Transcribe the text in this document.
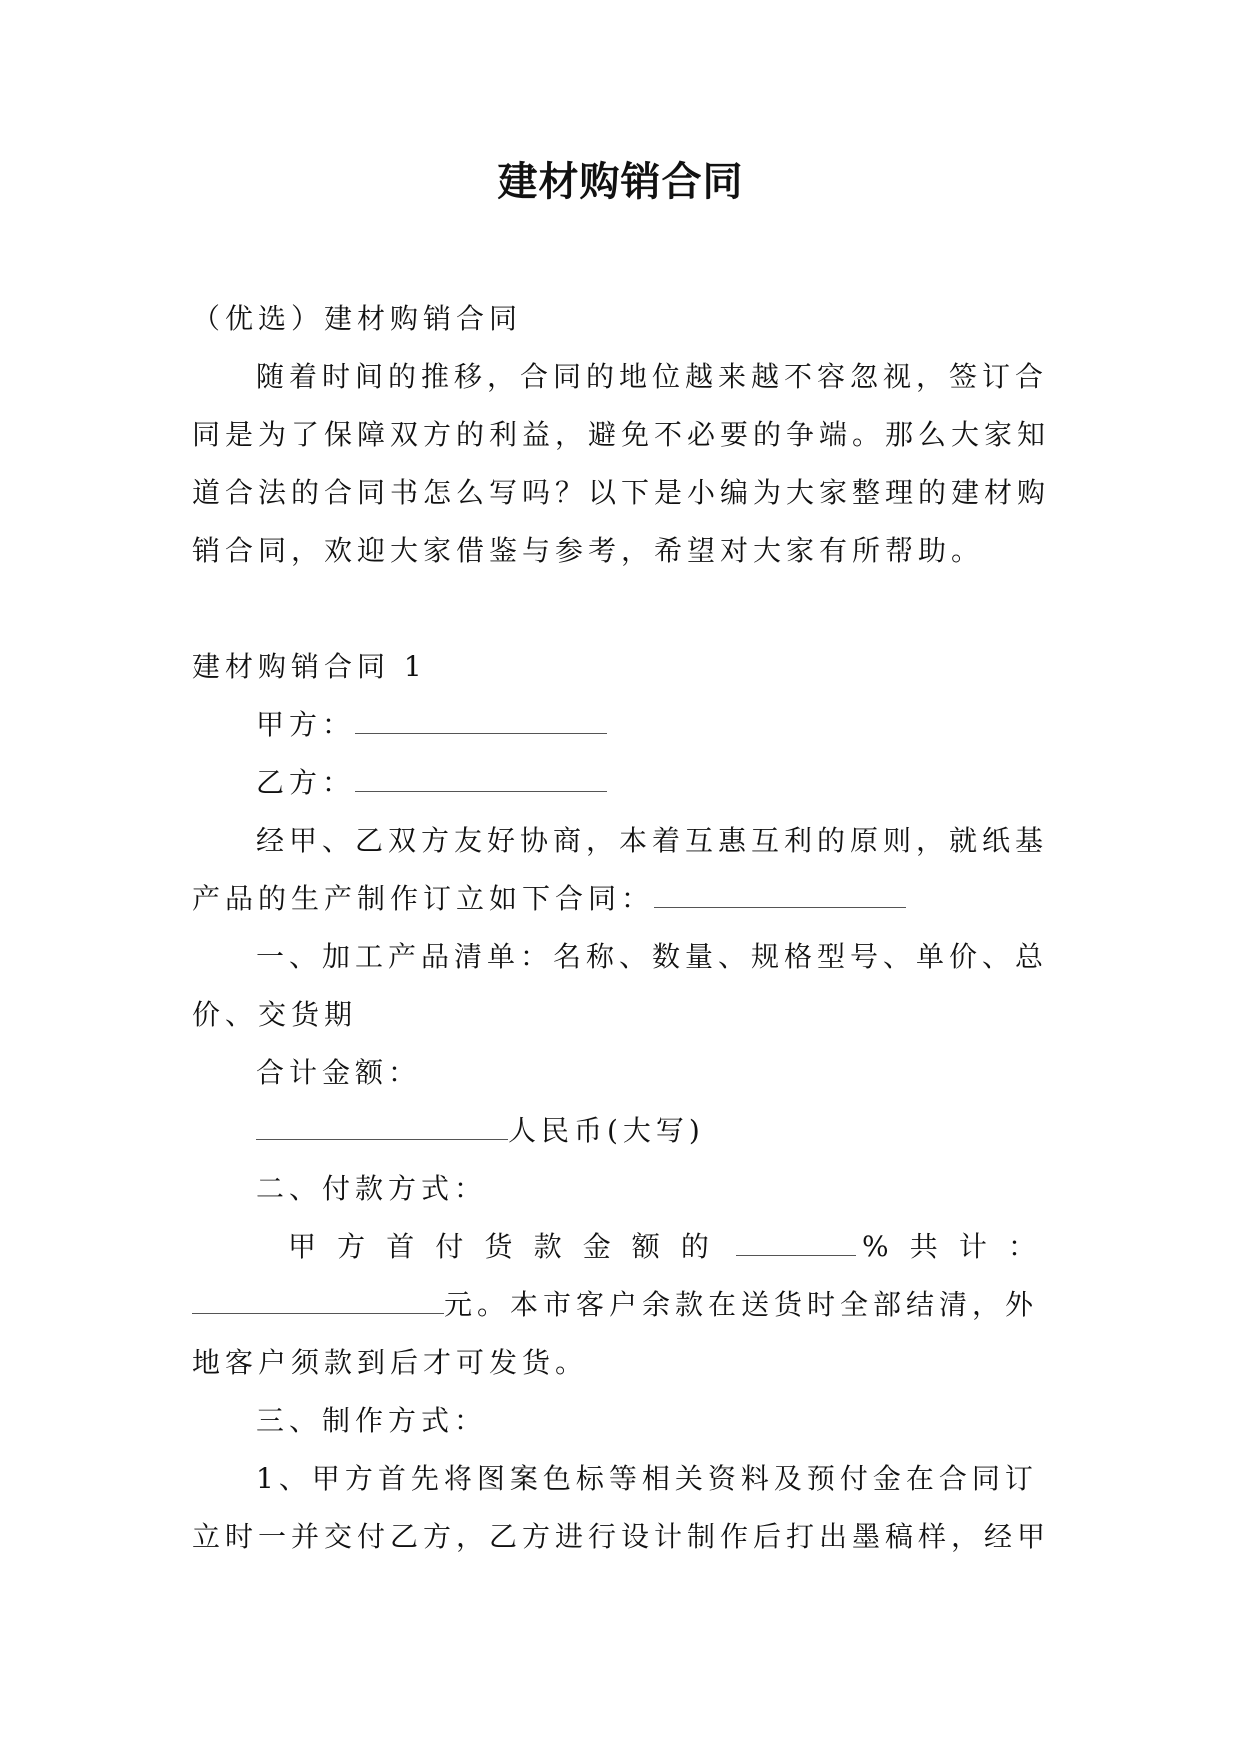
建材购销合同

（优选）建材购销合同

随着时间的推移，合同的地位越来越不容忽视，签订合同是为了保障双方的利益，避免不必要的争端。那么大家知道合法的合同书怎么写吗？以下是小编为大家整理的建材购销合同，欢迎大家借鉴与参考，希望对大家有所帮助。

建材购销合同 1

甲方：

乙方：

经甲、乙双方友好协商，本着互惠互利的原则，就纸基产品的生产制作订立如下合同：

一、加工产品清单：名称、数量、规格型号、单价、总价、交货期

合计金额：

人民币(大写)

二、付款方式：

甲方首付货款金额的	%共计：

元。本市客户余款在送货时全部结清，外地客户须款到后才可发货。

三、制作方式：

1、甲方首先将图案色标等相关资料及预付金在合同订立时一并交付乙方，乙方进行设计制作后打出墨稿样，经甲
